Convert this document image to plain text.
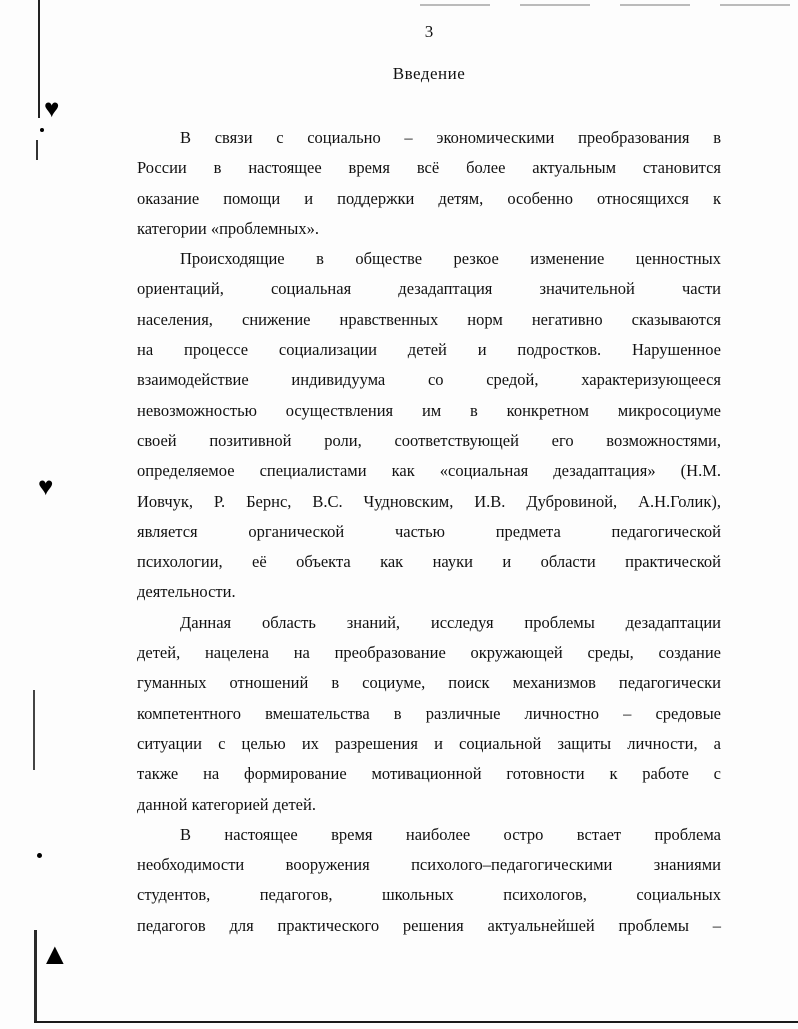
♥
♥
▲
3
Введение

В связи с социально – экономическими преобразования в
России в настоящее время всё более актуальным становится
оказание помощи и поддержки детям, особенно относящихся к
категории «проблемных».

Происходящие в обществе резкое изменение ценностных
ориентаций, социальная дезадаптация значительной части
населения, снижение нравственных норм негативно сказываются
на процессе социализации детей и подростков. Нарушенное
взаимодействие индивидуума со средой, характеризующееся
невозможностью осуществления им в конкретном микросоциуме
своей позитивной роли, соответствующей его возможностями,
определяемое специалистами как «социальная дезадаптация» (Н.М.
Иовчук, Р. Бернс, В.С. Чудновским, И.В. Дубровиной, А.Н.Голик),
является органической частью предмета педагогической
психологии, её объекта как науки и области практической
деятельности.

Данная область знаний, исследуя проблемы дезадаптации
детей, нацелена на преобразование окружающей среды, создание
гуманных отношений в социуме, поиск механизмов педагогически
компетентного вмешательства в различные личностно – средовые
ситуации с целью их разрешения и социальной защиты личности, а
также на формирование мотивационной готовности к работе с
данной категорией детей.

В настоящее время наиболее остро встает проблема
необходимости вооружения психолого–педагогическими знаниями
студентов, педагогов, школьных психологов, социальных
педагогов для практического решения актуальнейшей проблемы –
